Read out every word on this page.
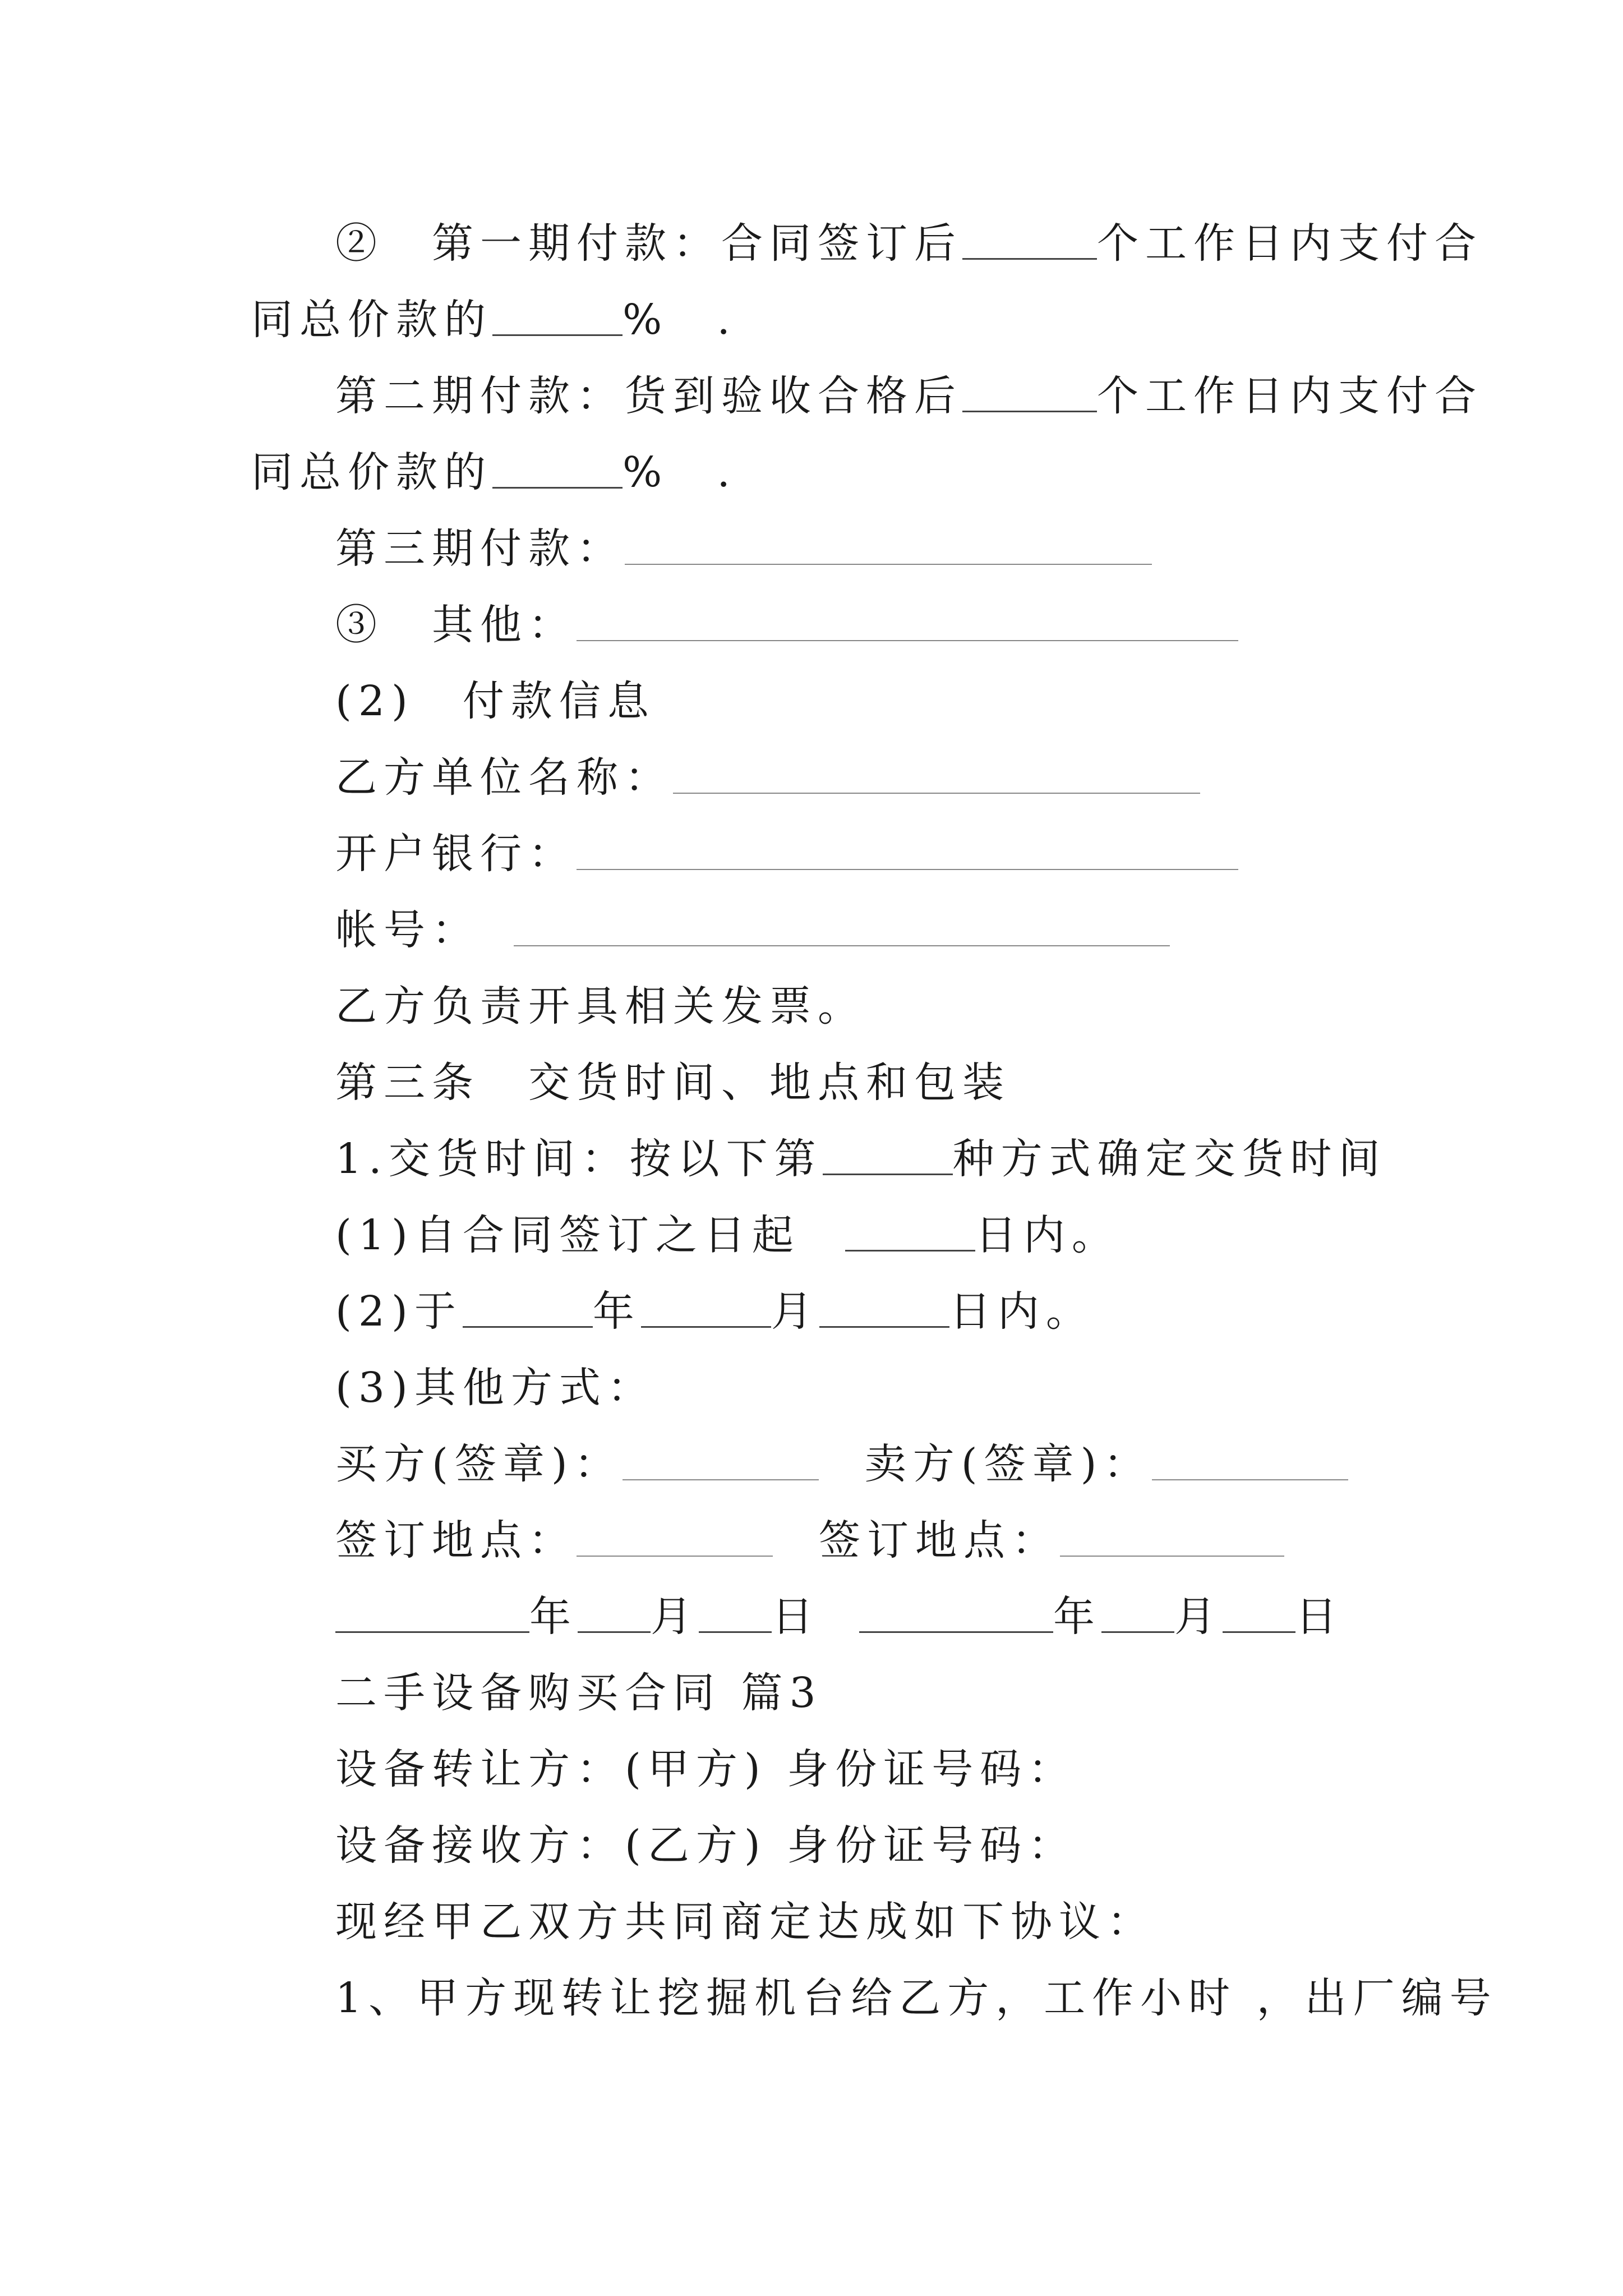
②　第一期付款：合同签订后	个工作日内支付合
同总价款的	%　.
第二期付款：货到验收合格后	个工作日内支付合
同总价款的	%　.
第三期付款：
③　其他：
(2)　付款信息
乙方单位名称：
开户银行：
帐号：
乙方负责开具相关发票。
第三条　交货时间、地点和包装
1.交货时间：按以下第	种方式确定交货时间
(1)自合同签订之日起	日内。
(2)于	年	月	日内。
(3)其他方式：
买方(签章)：	卖方(签章)：
签订地点：	签订地点：
年 月 日	年 月 日
二手设备购买合同 篇3
设备转让方：(甲方) 身份证号码：
设备接收方：(乙方) 身份证号码：
现经甲乙双方共同商定达成如下协议：
1、甲方现转让挖掘机台给乙方，工作小时 ，出厂编号
